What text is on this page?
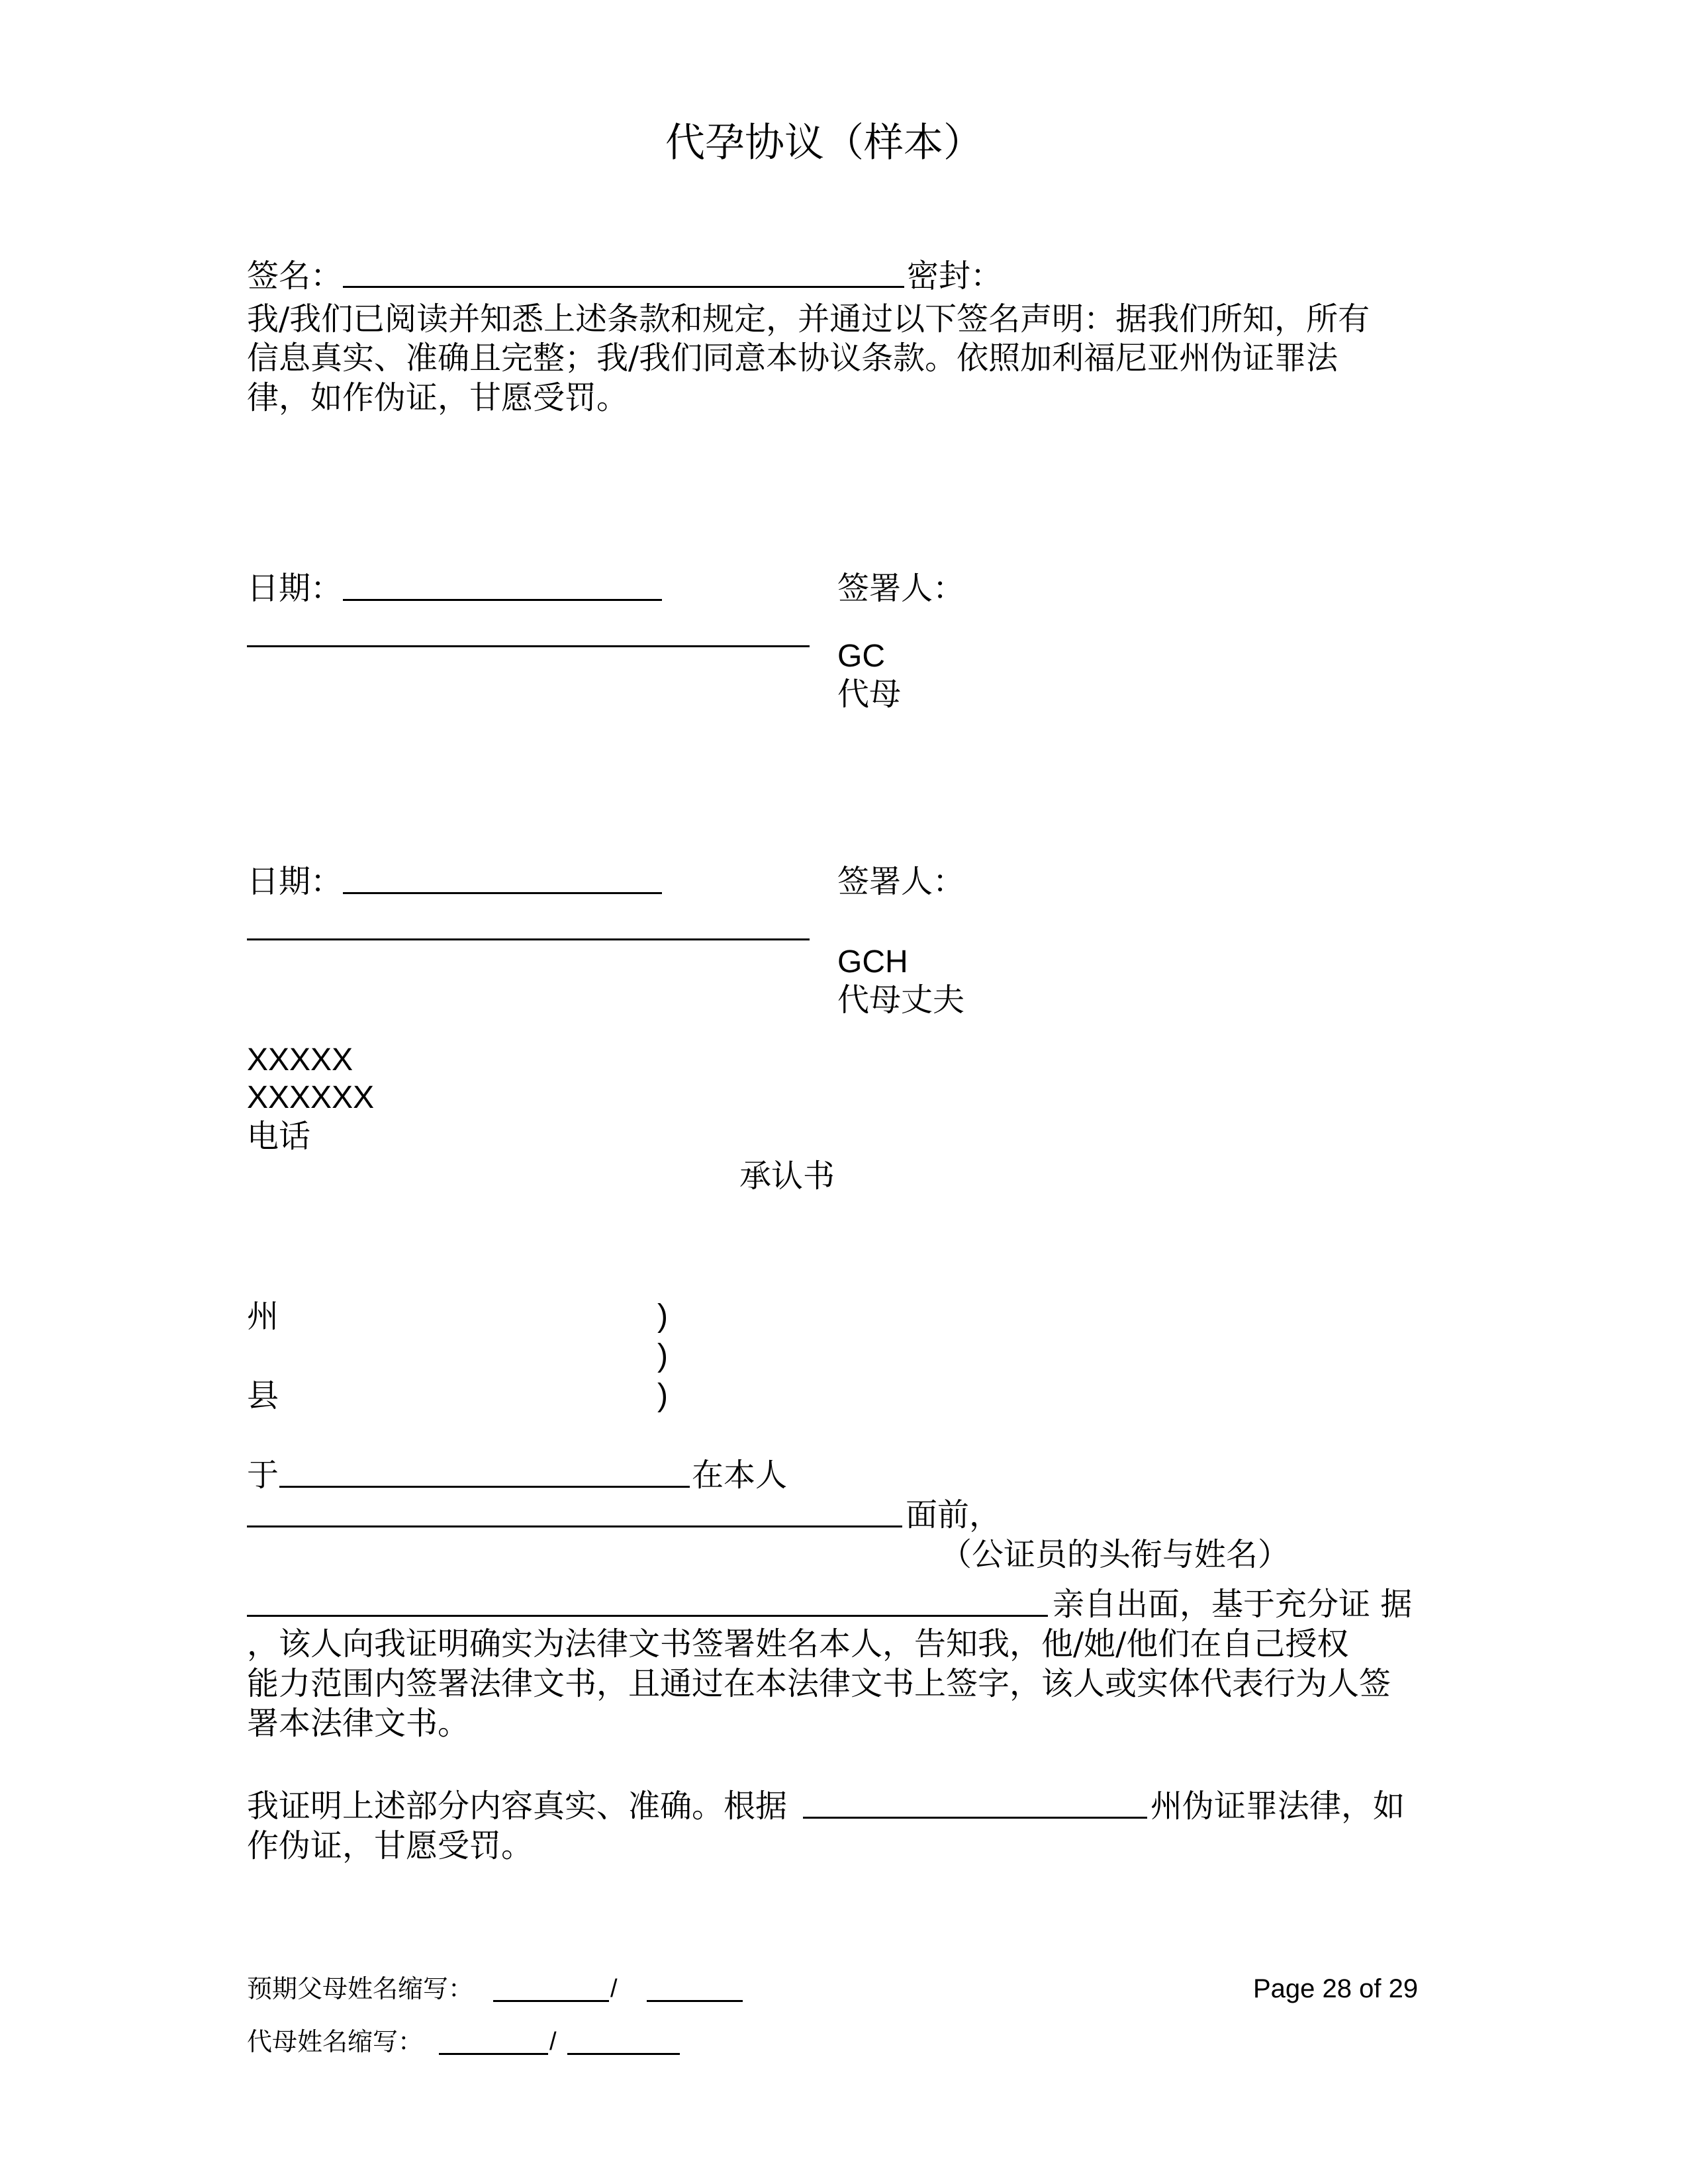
代孕协议（样本）
签名：	密封：
我/我们已阅读并知悉上述条款和规定，并通过以下签名声明：据我们所知，所有
信息真实、准确且完整；我/我们同意本协议条款。依照加利福尼亚州伪证罪法
律，如作伪证，甘愿受罚。
日期：	签署人：
GC
代母
日期：	签署人：
GCH
代母丈夫
XXXXX
XXXXXX
电话
承认书
州	)
)
县	)
于	在本人
面前，
（公证员的头衔与姓名）
亲自出面，基于充分证 据
，该人向我证明确实为法律文书签署姓名本人，告知我，他/她/他们在自己授权
能力范围内签署法律文书，且通过在本法律文书上签字，该人或实体代表行为人签
署本法律文书。
我证明上述部分内容真实、准确。根据	州伪证罪法律，如
作伪证，甘愿受罚。
预期父母姓名缩写：	/	Page 28 of 29
代母姓名缩写：	/
